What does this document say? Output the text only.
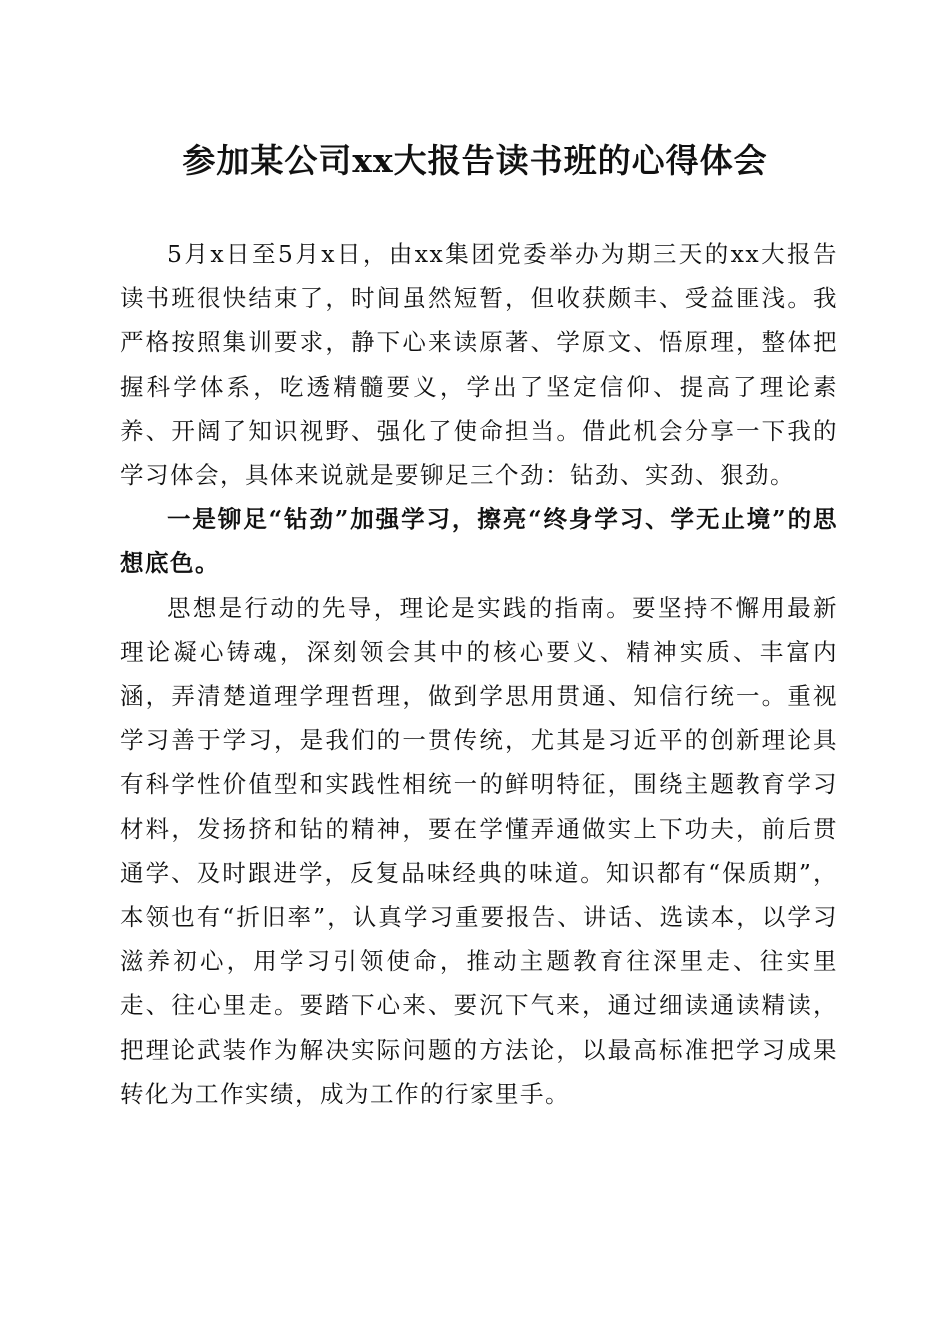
参加某公司xx大报告读书班的心得体会

5月x日至5月x日，由xx集团党委举办为期三天的xx大报告读书班很快结束了，时间虽然短暂，但收获颇丰、受益匪浅。我严格按照集训要求，静下心来读原著、学原文、悟原理，整体把握科学体系，吃透精髓要义，学出了坚定信仰、提高了理论素养、开阔了知识视野、强化了使命担当。借此机会分享一下我的学习体会，具体来说就是要铆足三个劲：钻劲、实劲、狠劲。

一是铆足“钻劲”加强学习，擦亮“终身学习、学无止境”的思想底色。

思想是行动的先导，理论是实践的指南。要坚持不懈用最新理论凝心铸魂，深刻领会其中的核心要义、精神实质、丰富内涵，弄清楚道理学理哲理，做到学思用贯通、知信行统一。重视学习善于学习，是我们的一贯传统，尤其是习近平的创新理论具有科学性价值型和实践性相统一的鲜明特征，围绕主题教育学习材料，发扬挤和钻的精神，要在学懂弄通做实上下功夫，前后贯通学、及时跟进学，反复品味经典的味道。知识都有“保质期”，本领也有“折旧率”，认真学习重要报告、讲话、选读本，以学习滋养初心，用学习引领使命，推动主题教育往深里走、往实里走、往心里走。要踏下心来、要沉下气来，通过细读通读精读，把理论武装作为解决实际问题的方法论，以最高标准把学习成果转化为工作实绩，成为工作的行家里手。
